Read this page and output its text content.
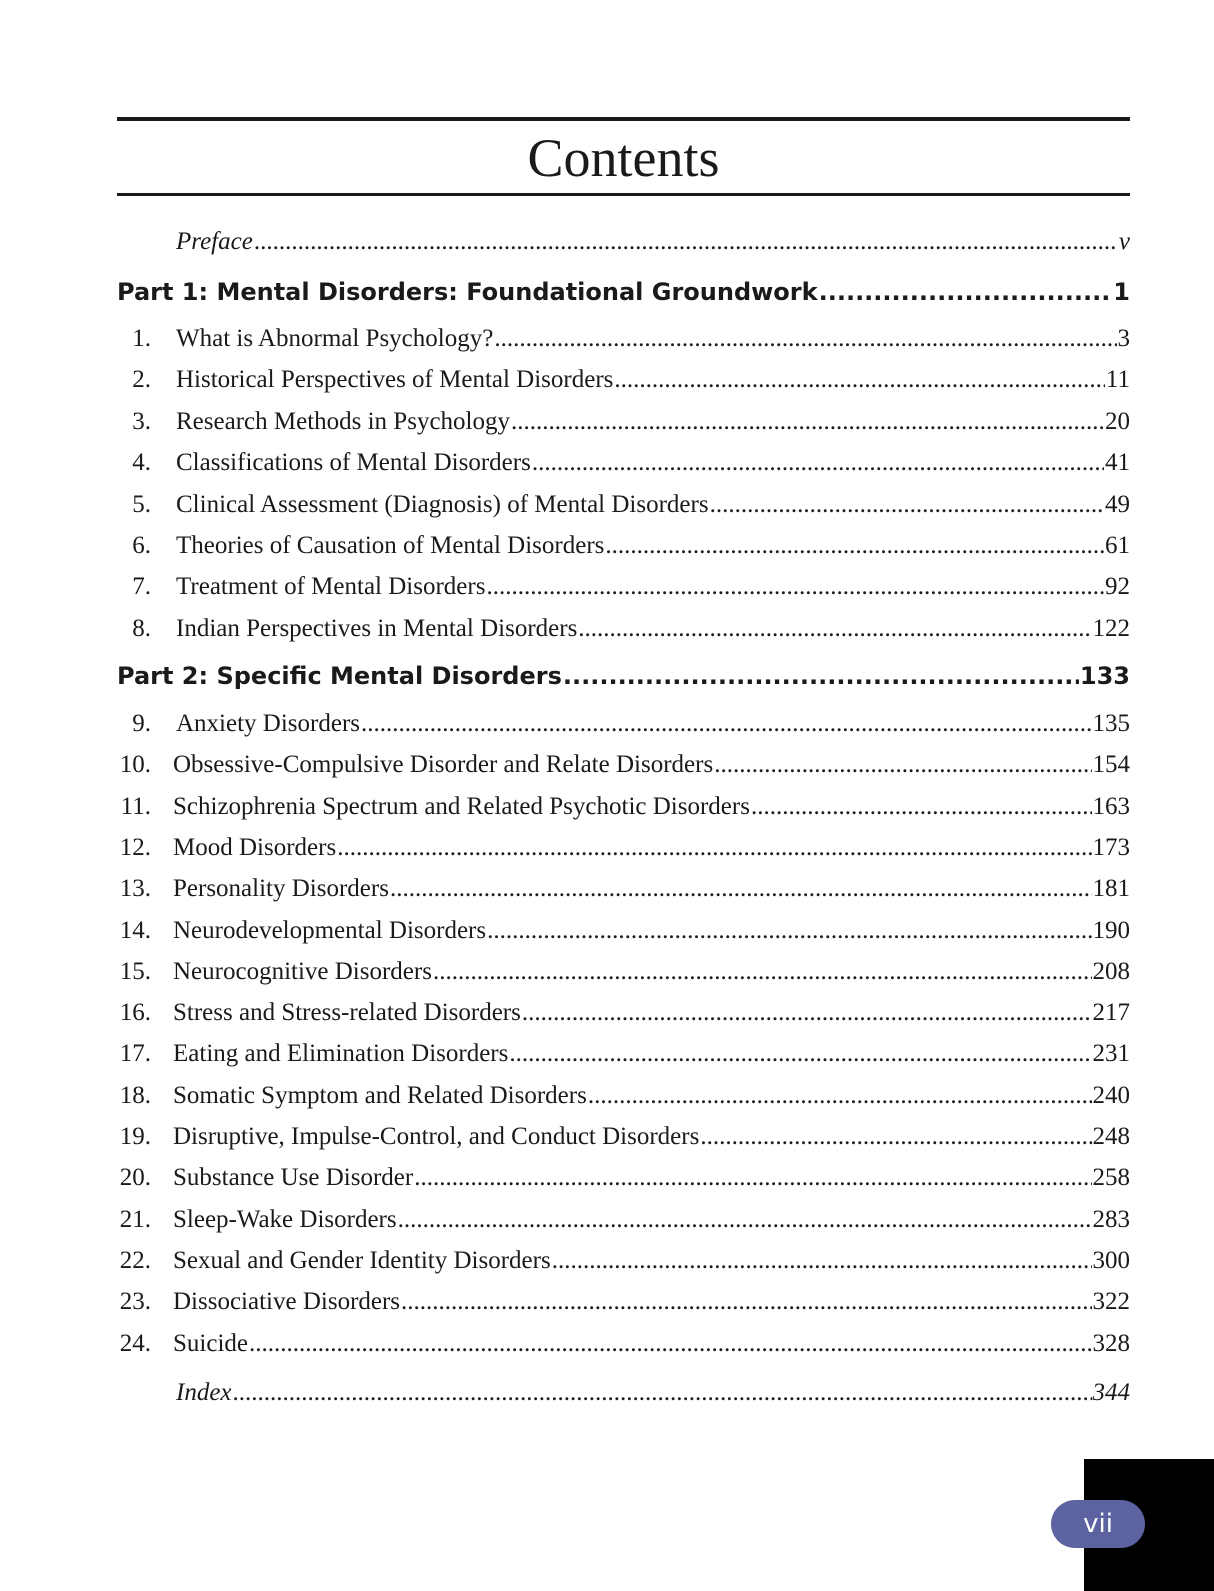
Contents
Preface .....	v
Part 1: Mental Disorders: Foundational Groundwork .....	1
1. What is Abnormal Psychology? .....	3
2. Historical Perspectives of Mental Disorders .....	11
3. Research Methods in Psychology .....	20
4. Classifications of Mental Disorders .....	41
5. Clinical Assessment (Diagnosis) of Mental Disorders .....	49
6. Theories of Causation of Mental Disorders .....	61
7. Treatment of Mental Disorders .....	92
8. Indian Perspectives in Mental Disorders .....	122
Part 2: Specific Mental Disorders .....	133
9. Anxiety Disorders .....	135
10. Obsessive-Compulsive Disorder and Relate Disorders .....	154
11. Schizophrenia Spectrum and Related Psychotic Disorders .....	163
12. Mood Disorders .....	173
13. Personality Disorders .....	181
14. Neurodevelopmental Disorders .....	190
15. Neurocognitive Disorders .....	208
16. Stress and Stress-related Disorders .....	217
17. Eating and Elimination Disorders .....	231
18. Somatic Symptom and Related Disorders .....	240
19. Disruptive, Impulse-Control, and Conduct Disorders .....	248
20. Substance Use Disorder .....	258
21. Sleep-Wake Disorders .....	283
22. Sexual and Gender Identity Disorders .....	300
23. Dissociative Disorders .....	322
24. Suicide .....	328
Index .....	344
vii
